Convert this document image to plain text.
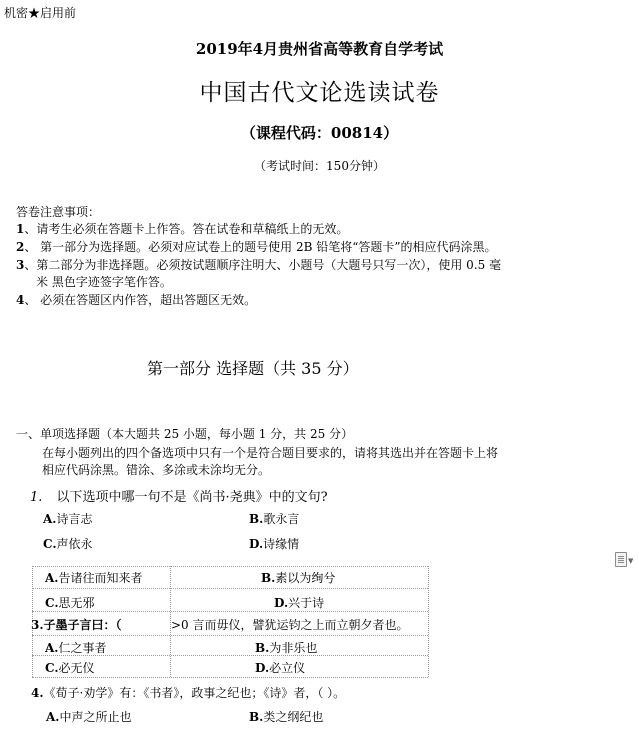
机密★启用前
2019年4月贵州省高等教育自学考试
中国古代文论选读试卷
（课程代码：00814）
（考试时间：150分钟）
答卷注意事项：
1、请考生必须在答题卡上作答。答在试卷和草稿纸上的无效。
2、 第一部分为选择题。必须对应试卷上的题号使用 2B 铅笔将“答题卡”的相应代码涂黑。
3、第二部分为非选择题。必须按试题顺序注明大、小题号（大题号只写一次），使用 0.5 毫
米 黑色字迹签字笔作答。
4、 必须在答题区内作答，超出答题区无效。
第一部分 选择题（共 35 分）
一、单项选择题（本大题共 25 小题，每小题 1 分，共 25 分）
在每小题列出的四个备选项中只有一个是符合题目要求的，请将其选出并在答题卡上将
相应代码涂黑。错涂、多涂或未涂均无分。
1. 以下选项中哪一句不是《尚书·尧典》中的文句?
A.诗言志	B.歌永言
C.声依永	D.诗缘情
A.告诸往而知来者	B.素以为绚兮
C.思无邪	D.兴于诗
3.子墨子言曰：（	>0 言而毋仪，譬犹运钧之上而立朝夕者也。
A.仁之事者	B.为非乐也
C.必无仪	D.必立仪
4.《荀子·劝学》有：《书者》，政事之纪也；《诗》者，（ ）。
A.中声之所止也	B.类之纲纪也
▼
